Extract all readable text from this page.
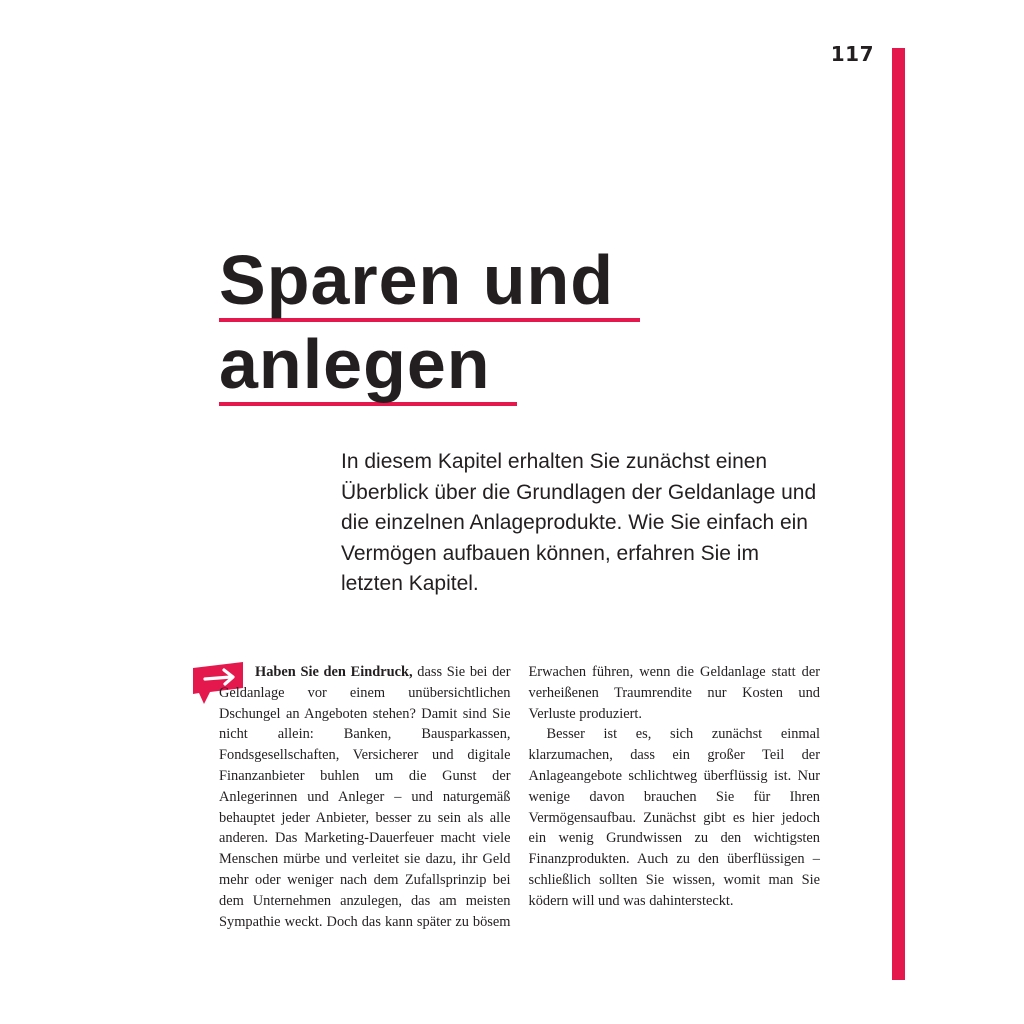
117
Sparen und
anlegen

In diesem Kapitel erhalten Sie zunächst einen Überblick über die Grundlagen der Geldanlage und die einzelnen Anlageprodukte. Wie Sie einfach ein Vermögen aufbauen können, erfahren Sie im letzten Kapitel.

Haben Sie den Eindruck, dass Sie bei der Geldanlage vor einem unübersichtlichen Dschungel an Angeboten stehen? Damit sind Sie nicht allein: Banken, Bausparkassen, Fondsgesellschaften, Versicherer und digitale Finanzanbieter buhlen um die Gunst der Anlegerinnen und Anleger – und naturgemäß behauptet jeder Anbieter, besser zu sein als alle anderen. Das Marketing-Dauerfeuer macht viele Menschen mürbe und verleitet sie dazu, ihr Geld mehr oder weniger nach dem Zufallsprinzip bei dem Unternehmen anzulegen, das am meisten Sympathie weckt. Doch das kann später zu bösem Erwachen führen, wenn die Geldanlage statt der verheißenen Traumrendite nur Kosten und Verluste produziert.

Besser ist es, sich zunächst einmal klarzumachen, dass ein großer Teil der Anlageangebote schlichtweg überflüssig ist. Nur wenige davon brauchen Sie für Ihren Vermögensaufbau. Zunächst gibt es hier jedoch ein wenig Grundwissen zu den wichtigsten Finanzprodukten. Auch zu den überflüssigen – schließlich sollten Sie wissen, womit man Sie ködern will und was dahintersteckt.
